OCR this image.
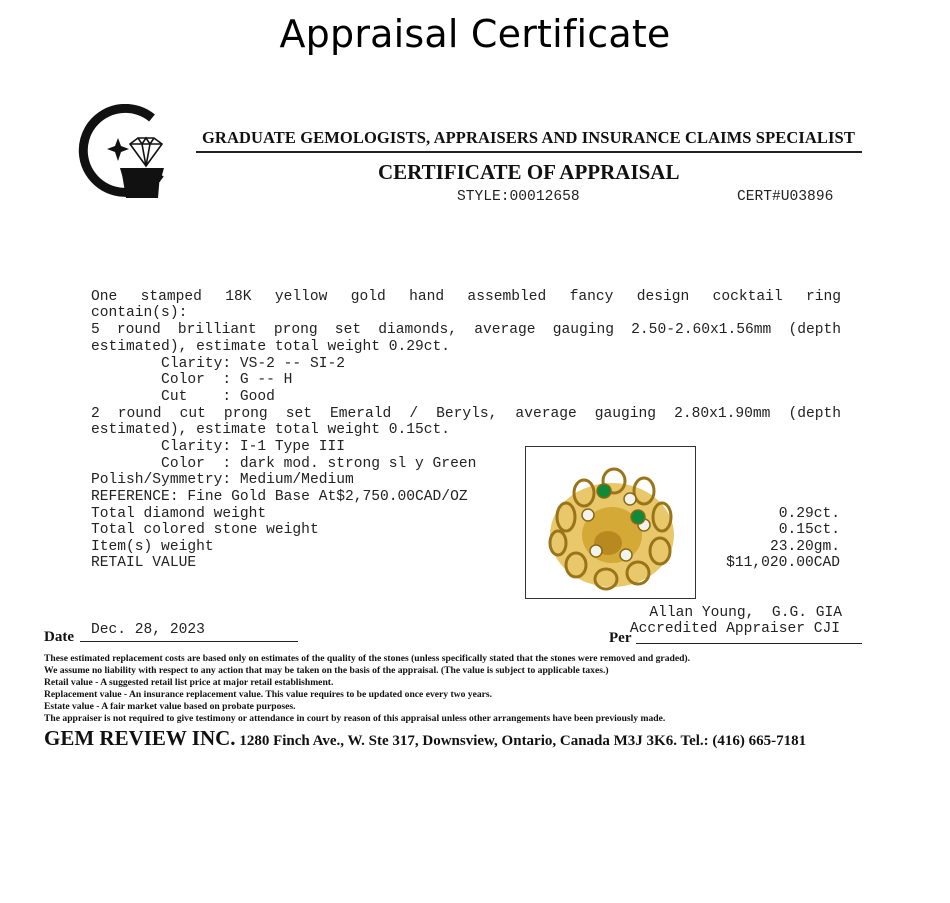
Appraisal Certificate
GRADUATE GEMOLOGISTS, APPRAISERS AND INSURANCE CLAIMS SPECIALIST
CERTIFICATE OF APPRAISAL
STYLE:00012658	CERT#U03896
One stamped 18K yellow gold hand assembled fancy design cocktail ring
contain(s):
5 round brilliant prong set diamonds, average gauging 2.50-2.60x1.56mm (depth
estimated), estimate total weight 0.29ct.
Clarity: VS-2 -- SI-2
Color  : G -- H
Cut    : Good
2 round cut prong set Emerald / Beryls, average gauging 2.80x1.90mm (depth
estimated), estimate total weight 0.15ct.
Clarity: I-1 Type III
Color  : dark mod. strong sl y Green
Polish/Symmetry: Medium/Medium
REFERENCE: Fine Gold Base At$2,750.00CAD/OZ
Total diamond weight	0.29ct.
Total colored stone weight	0.15ct.
Item(s) weight	23.20gm.
RETAIL VALUE	$11,020.00CAD
Allan Young,  G.G. GIA
Accredited Appraiser CJI
Date Dec. 28, 2023	Per
These estimated replacement costs are based only on estimates of the quality of the stones (unless specifically stated that the stones were removed and graded).
We assume no liability with respect to any action that may be taken on the basis of the appraisal. (The value is subject to applicable taxes.)
Retail value - A suggested retail list price at major retail establishment.
Replacement value - An insurance replacement value. This value requires to be updated once every two years.
Estate value - A fair market value based on probate purposes.
The appraiser is not required to give testimony or attendance in court by reason of this appraisal unless other arrangements have been previously made.
GEM REVIEW INC. 1280 Finch Ave., W. Ste 317, Downsview, Ontario, Canada M3J 3K6. Tel.: (416) 665-7181
